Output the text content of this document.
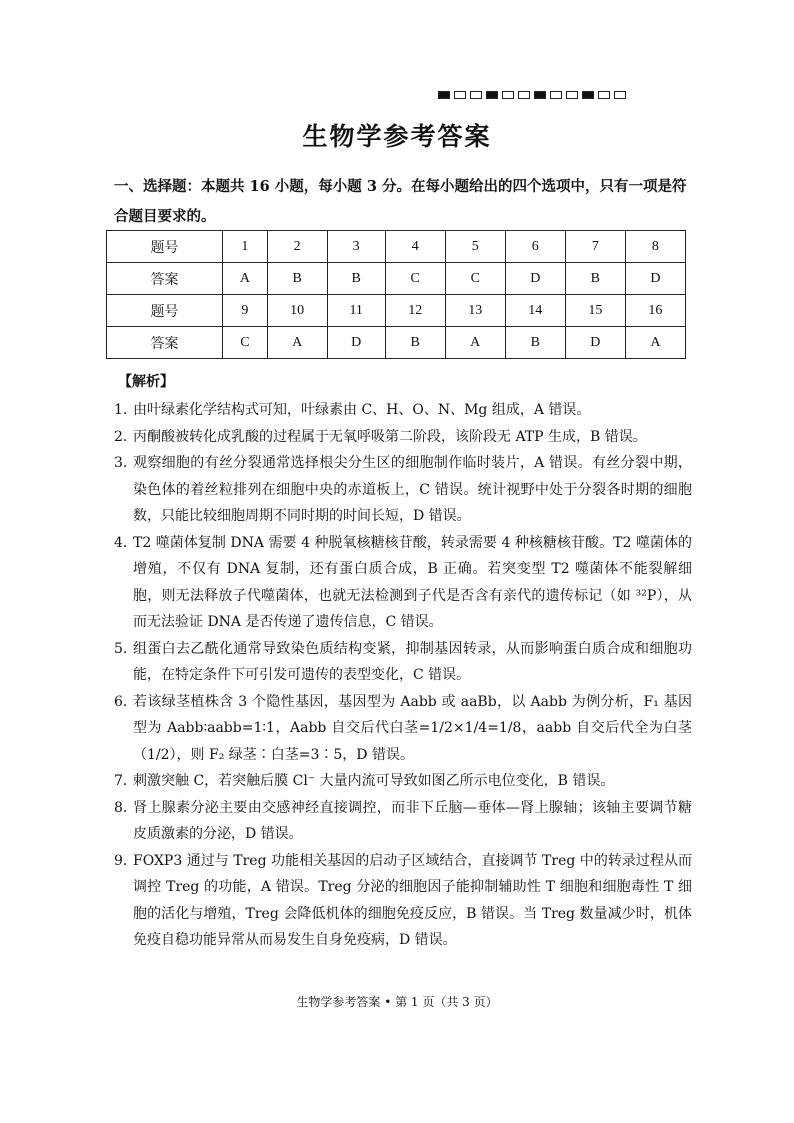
生物学参考答案
一、选择题：本题共 16 小题，每小题 3 分。在每小题给出的四个选项中，只有一项是符合题目要求的。
题号	1	2	3	4	5	6	7	8
答案	A	B	B	C	C	D	B	D
题号	9	10	11	12	13	14	15	16
答案	C	A	D	B	A	B	D	A
【解析】
1．
由叶绿素化学结构式可知，叶绿素由 C、H、O、N、Mg 组成，A 错误。
2．
丙酮酸被转化成乳酸的过程属于无氧呼吸第二阶段，该阶段无 ATP 生成，B 错误。
3．
观察细胞的有丝分裂通常选择根尖分生区的细胞制作临时装片，A 错误。有丝分裂中期，染色体的着丝粒排列在细胞中央的赤道板上，C 错误。统计视野中处于分裂各时期的细胞数，只能比较细胞周期不同时期的时间长短，D 错误。
4．
T2 噬菌体复制 DNA 需要 4 种脱氧核糖核苷酸，转录需要 4 种核糖核苷酸。T2 噬菌体的增殖，不仅有 DNA 复制，还有蛋白质合成，B 正确。若突变型 T2 噬菌体不能裂解细胞，则无法释放子代噬菌体，也就无法检测到子代是否含有亲代的遗传标记（如 ³²P），从而无法验证 DNA 是否传递了遗传信息，C 错误。
5．
组蛋白去乙酰化通常导致染色质结构变紧，抑制基因转录，从而影响蛋白质合成和细胞功能，在特定条件下可引发可遗传的表型变化，C 错误。
6．
若该绿茎植株含 3 个隐性基因，基因型为 Aabb 或 aaBb，以 Aabb 为例分析，F₁ 基因型为 Aabb∶aabb=1∶1，Aabb 自交后代白茎=1/2×1/4=1/8，aabb 自交后代全为白茎（1/2），则 F₂ 绿茎∶白茎=3∶5，D 错误。
7．
刺激突触 C，若突触后膜 Cl⁻ 大量内流可导致如图乙所示电位变化，B 错误。
8．
肾上腺素分泌主要由交感神经直接调控，而非下丘脑—垂体—肾上腺轴；该轴主要调节糖皮质激素的分泌，D 错误。
9．
FOXP3 通过与 Treg 功能相关基因的启动子区域结合，直接调节 Treg 中的转录过程从而调控 Treg 的功能，A 错误。Treg 分泌的细胞因子能抑制辅助性 T 细胞和细胞毒性 T 细胞的活化与增殖，Treg 会降低机体的细胞免疫反应，B 错误。当 Treg 数量减少时，机体免疫自稳功能异常从而易发生自身免疫病，D 错误。
生物学参考答案 • 第 1 页（共 3 页）
